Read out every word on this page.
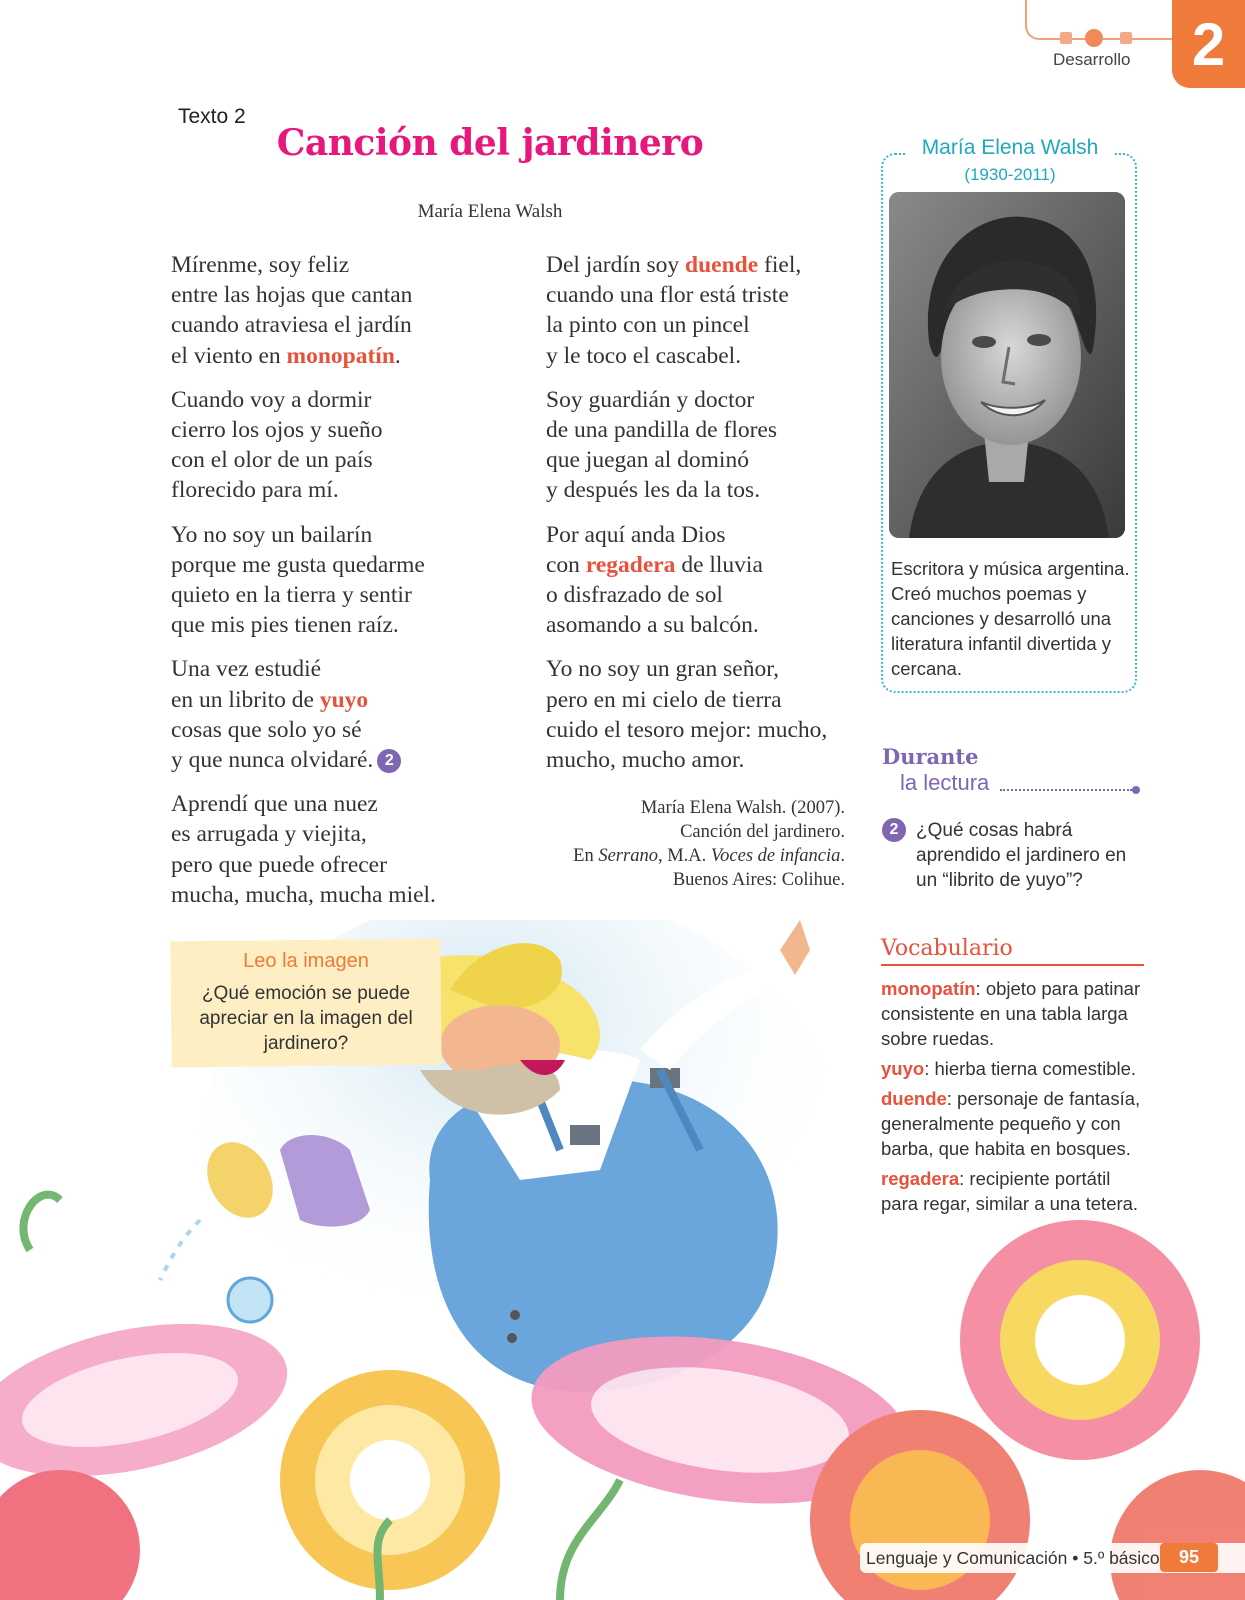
Desarrollo	2
Texto 2
Canción del jardinero
María Elena Walsh
Mírenme, soy feliz
entre las hojas que cantan
cuando atraviesa el jardín
el viento en monopatín.
Cuando voy a dormir
cierro los ojos y sueño
con el olor de un país
florecido para mí.
Yo no soy un bailarín
porque me gusta quedarme
quieto en la tierra y sentir
que mis pies tienen raíz.
Una vez estudié
en un librito de yuyo
cosas que solo yo sé
y que nunca olvidaré. 2
Aprendí que una nuez
es arrugada y viejita,
pero que puede ofrecer
mucha, mucha, mucha miel.
Del jardín soy duende fiel,
cuando una flor está triste
la pinto con un pincel
y le toco el cascabel.
Soy guardián y doctor
de una pandilla de flores
que juegan al dominó
y después les da la tos.
Por aquí anda Dios
con regadera de lluvia
o disfrazado de sol
asomando a su balcón.
Yo no soy un gran señor,
pero en mi cielo de tierra
cuido el tesoro mejor: mucho,
mucho, mucho amor.
María Elena Walsh. (2007).
Canción del jardinero.
En Serrano, M.A. Voces de infancia.
Buenos Aires: Colihue.
María Elena Walsh
(1930-2011)
Escritora y música argentina. Creó muchos poemas y canciones y desarrolló una literatura infantil divertida y cercana.
Durante
la lectura
2 ¿Qué cosas habrá aprendido el jardinero en un “librito de yuyo”?
Leo la imagen
¿Qué emoción se puede apreciar en la imagen del jardinero?
Vocabulario
monopatín: objeto para patinar consistente en una tabla larga sobre ruedas.
yuyo: hierba tierna comestible.
duende: personaje de fantasía, generalmente pequeño y con barba, que habita en bosques.
regadera: recipiente portátil para regar, similar a una tetera.
Lenguaje y Comunicación • 5.º básico	95
